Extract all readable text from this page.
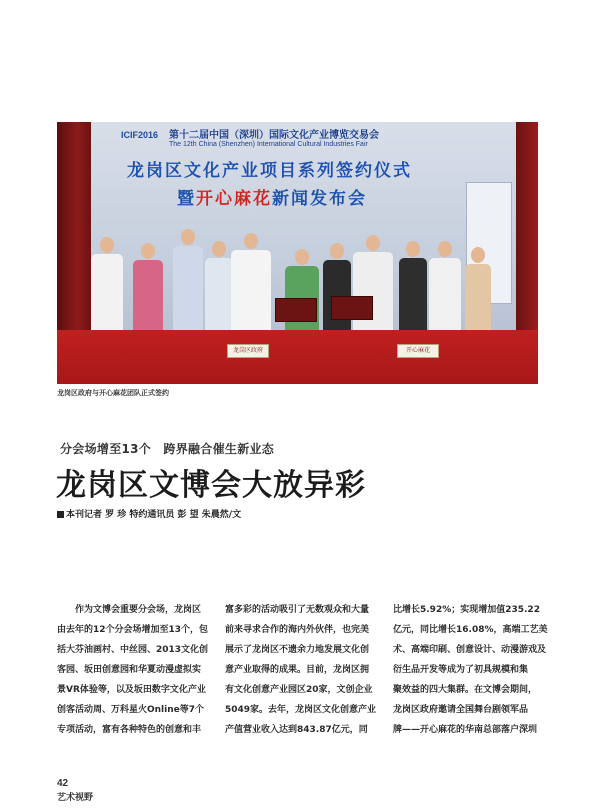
ICIF2016 第十二届中国（深圳）国际文化产业博览交易会
The 12th China (Shenzhen) International Cultural Industries Fair
龙岗区文化产业项目系列签约仪式
暨开心麻花新闻发布会
龙岗区政府	开心麻花
龙岗区政府与开心麻花团队正式签约
分会场增至13个　跨界融合催生新业态
龙岗区文博会大放异彩
本刊记者 罗 珍 特约通讯员 彭 望 朱晨然/文
　　作为文博会重要分会场，龙岗区
由去年的12个分会场增加至13个，包
括大芬油画村、中丝园、2013文化创
客园、坂田创意园和华夏动漫虚拟实
景VR体验等，以及坂田数字文化产业
创客活动周、万科星火Online等7个
专项活动，富有各种特色的创意和丰
富多彩的活动吸引了无数观众和大量
前来寻求合作的海内外伙伴，也完美
展示了龙岗区不遗余力地发展文化创
意产业取得的成果。目前，龙岗区拥
有文化创意产业园区20家，文创企业
5049家。去年，龙岗区文化创意产业
产值营业收入达到843.87亿元，同
比增长5.92%；实现增加值235.22
亿元，同比增长16.08%，高端工艺美
术、高端印刷、创意设计、动漫游戏及
衍生品开发等成为了初具规模和集
聚效益的四大集群。在文博会期间，
龙岗区政府邀请全国舞台剧领军品
牌——开心麻花的华南总部落户深圳
42
艺术视野
